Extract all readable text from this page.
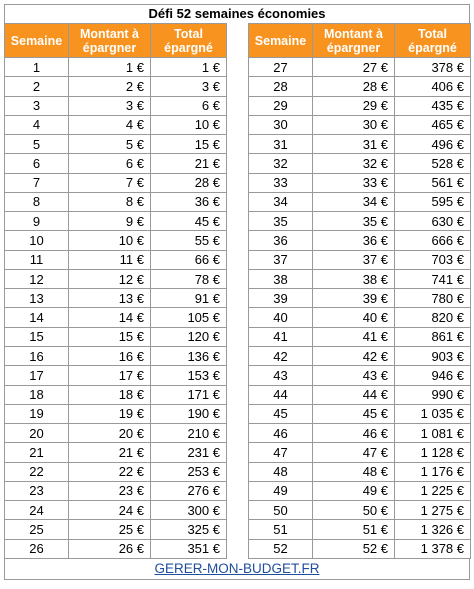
Défi 52 semaines économies
Semaine	Montant à épargner	Total épargné		Semaine	Montant à épargner	Total épargné
1	1 €	1 €		27	27 €	378 €
2	2 €	3 €		28	28 €	406 €
3	3 €	6 €		29	29 €	435 €
4	4 €	10 €		30	30 €	465 €
5	5 €	15 €		31	31 €	496 €
6	6 €	21 €		32	32 €	528 €
7	7 €	28 €		33	33 €	561 €
8	8 €	36 €		34	34 €	595 €
9	9 €	45 €		35	35 €	630 €
10	10 €	55 €		36	36 €	666 €
11	11 €	66 €		37	37 €	703 €
12	12 €	78 €		38	38 €	741 €
13	13 €	91 €		39	39 €	780 €
14	14 €	105 €		40	40 €	820 €
15	15 €	120 €		41	41 €	861 €
16	16 €	136 €		42	42 €	903 €
17	17 €	153 €		43	43 €	946 €
18	18 €	171 €		44	44 €	990 €
19	19 €	190 €		45	45 €	1 035 €
20	20 €	210 €		46	46 €	1 081 €
21	21 €	231 €		47	47 €	1 128 €
22	22 €	253 €		48	48 €	1 176 €
23	23 €	276 €		49	49 €	1 225 €
24	24 €	300 €		50	50 €	1 275 €
25	25 €	325 €		51	51 €	1 326 €
26	26 €	351 €		52	52 €	1 378 €
GERER-MON-BUDGET.FR
